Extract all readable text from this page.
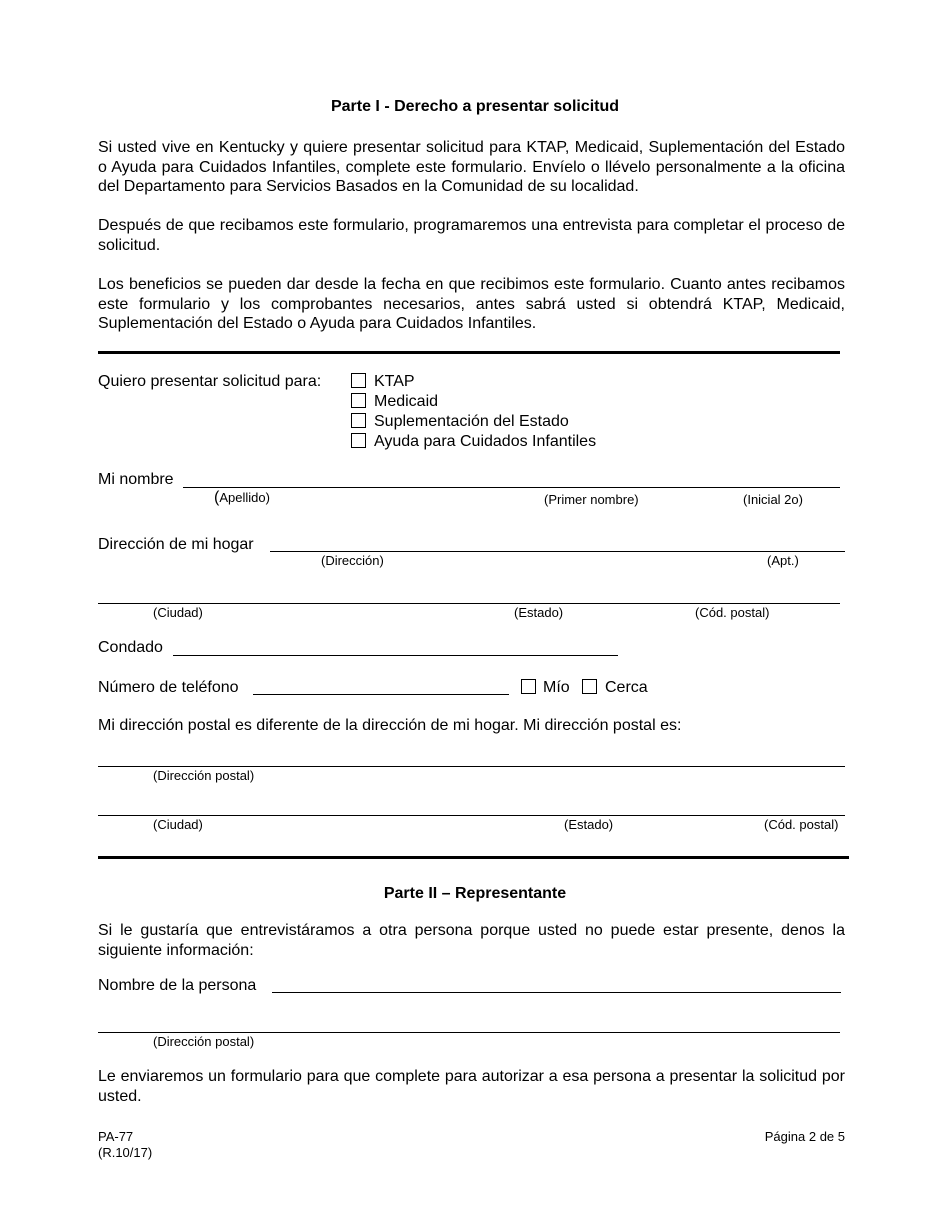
Parte I - Derecho a presentar solicitud
Si usted vive en Kentucky y quiere presentar solicitud para KTAP, Medicaid, Suplementación del Estado o Ayuda para Cuidados Infantiles, complete este formulario. Envíelo o llévelo personalmente a la oficina del Departamento para Servicios Basados en la Comunidad de su localidad.
Después de que recibamos este formulario, programaremos una entrevista para completar el proceso de solicitud.
Los beneficios se pueden dar desde la fecha en que recibimos este formulario. Cuanto antes recibamos este formulario y los comprobantes necesarios, antes sabrá usted si obtendrá KTAP, Medicaid, Suplementación del Estado o Ayuda para Cuidados Infantiles.
Quiero presentar solicitud para:	KTAP
Medicaid
Suplementación del Estado
Ayuda para Cuidados Infantiles
Mi nombre
(Apellido)	(Primer nombre)	(Inicial 2o)
Dirección de mi hogar
(Dirección)	(Apt.)
(Ciudad)	(Estado)	(Cód. postal)
Condado
Número de teléfono	Mío Cerca
Mi dirección postal es diferente de la dirección de mi hogar. Mi dirección postal es:
(Dirección postal)
(Ciudad)	(Estado)	(Cód. postal)
Parte II – Representante
Si le gustaría que entrevistáramos a otra persona porque usted no puede estar presente, denos la siguiente información:
Nombre de la persona
(Dirección postal)
Le enviaremos un formulario para que complete para autorizar a esa persona a presentar la solicitud por usted.
PA-77
(R.10/17)
Página 2 de 5
